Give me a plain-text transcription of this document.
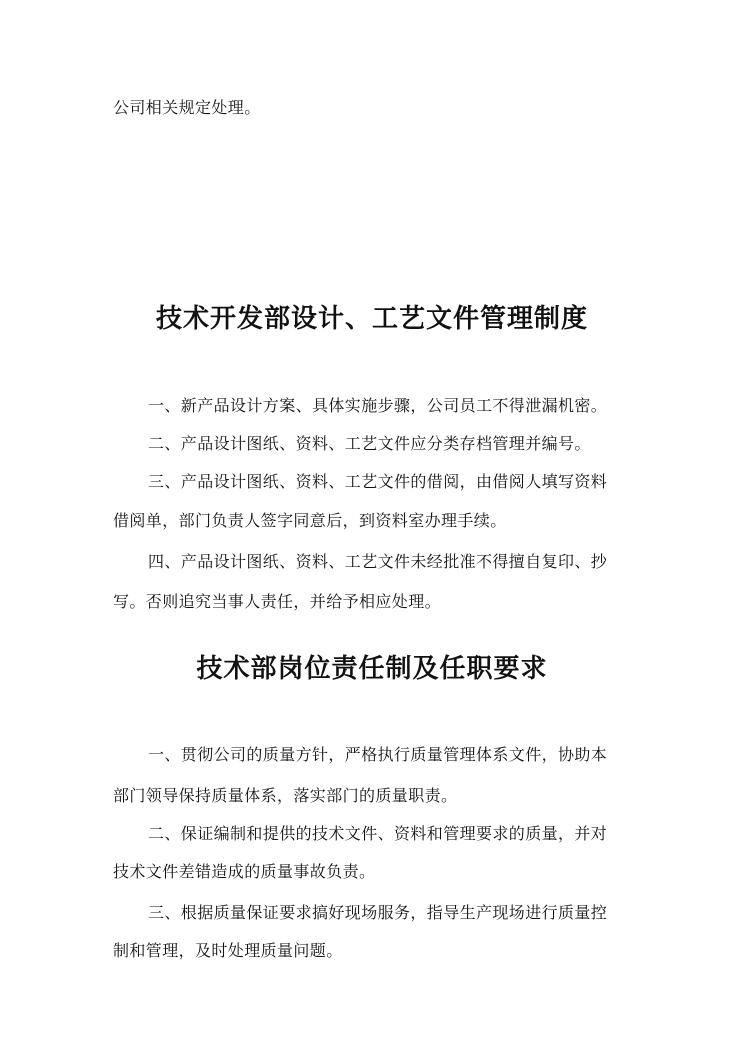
公司相关规定处理。
技术开发部设计、工艺文件管理制度
一、新产品设计方案、具体实施步骤，公司员工不得泄漏机密。
二、产品设计图纸、资料、工艺文件应分类存档管理并编号。
三、产品设计图纸、资料、工艺文件的借阅，由借阅人填写资料
借阅单，部门负责人签字同意后，到资料室办理手续。
四、产品设计图纸、资料、工艺文件未经批准不得擅自复印、抄
写。否则追究当事人责任，并给予相应处理。
技术部岗位责任制及任职要求
一、贯彻公司的质量方针，严格执行质量管理体系文件，协助本
部门领导保持质量体系，落实部门的质量职责。
二、保证编制和提供的技术文件、资料和管理要求的质量，并对
技术文件差错造成的质量事故负责。
三、根据质量保证要求搞好现场服务，指导生产现场进行质量控
制和管理，及时处理质量问题。
